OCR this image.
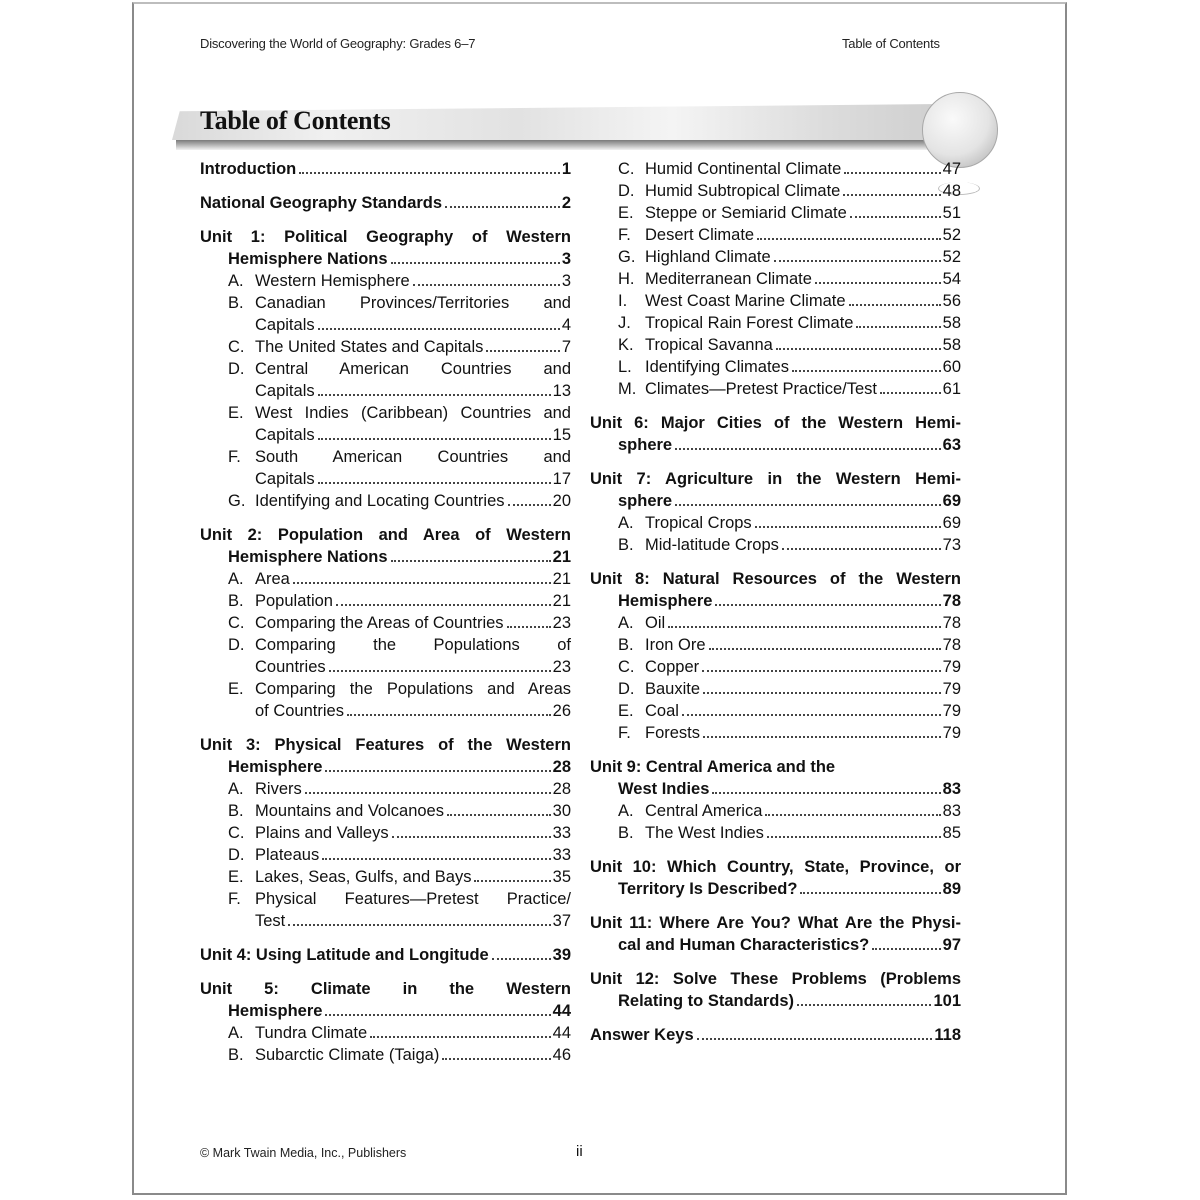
Discovering the World of Geography: Grades 6–7	Table of Contents
Table of Contents
Introduction	1
National Geography Standards	2
Unit 1: Political Geography of Western
Hemisphere Nations	3
A. Western Hemisphere	3
B. Canadian Provinces/Territories and
Capitals	4
C. The United States and Capitals	7
D. Central American Countries and
Capitals	13
E. West Indies (Caribbean) Countries and
Capitals	15
F. South American Countries and
Capitals	17
G. Identifying and Locating Countries	20
Unit 2: Population and Area of Western
Hemisphere Nations	21
A. Area	21
B. Population	21
C. Comparing the Areas of Countries	23
D. Comparing the Populations of
Countries	23
E. Comparing the Populations and Areas
of Countries	26
Unit 3: Physical Features of the Western
Hemisphere	28
A. Rivers	28
B. Mountains and Volcanoes	30
C. Plains and Valleys	33
D. Plateaus	33
E. Lakes, Seas, Gulfs, and Bays	35
F. Physical Features—Pretest Practice/
Test	37
Unit 4: Using Latitude and Longitude	39
Unit 5: Climate in the Western
Hemisphere	44
A. Tundra Climate	44
B. Subarctic Climate (Taiga)	46
C. Humid Continental Climate	47
D. Humid Subtropical Climate	48
E. Steppe or Semiarid Climate	51
F. Desert Climate	52
G. Highland Climate	52
H. Mediterranean Climate	54
I.	West Coast Marine Climate	56
J. Tropical Rain Forest Climate	58
K. Tropical Savanna	58
L. Identifying Climates	60
M. Climates—Pretest Practice/Test	61
Unit 6: Major Cities of the Western Hemi-
sphere	63
Unit 7: Agriculture in the Western Hemi-
sphere	69
A. Tropical Crops	69
B. Mid-latitude Crops	73
Unit 8: Natural Resources of the Western
Hemisphere	78
A. Oil	78
B. Iron Ore	78
C. Copper	79
D. Bauxite	79
E. Coal	79
F. Forests	79
Unit 9: Central America and the
West Indies	83
A. Central America	83
B. The West Indies	85
Unit 10: Which Country, State, Province, or
Territory Is Described?	89
Unit 11: Where Are You? What Are the Physi-
cal and Human Characteristics?	97
Unit 12: Solve These Problems (Problems
Relating to Standards)	101
Answer Keys	118
© Mark Twain Media, Inc., Publishers	ii
